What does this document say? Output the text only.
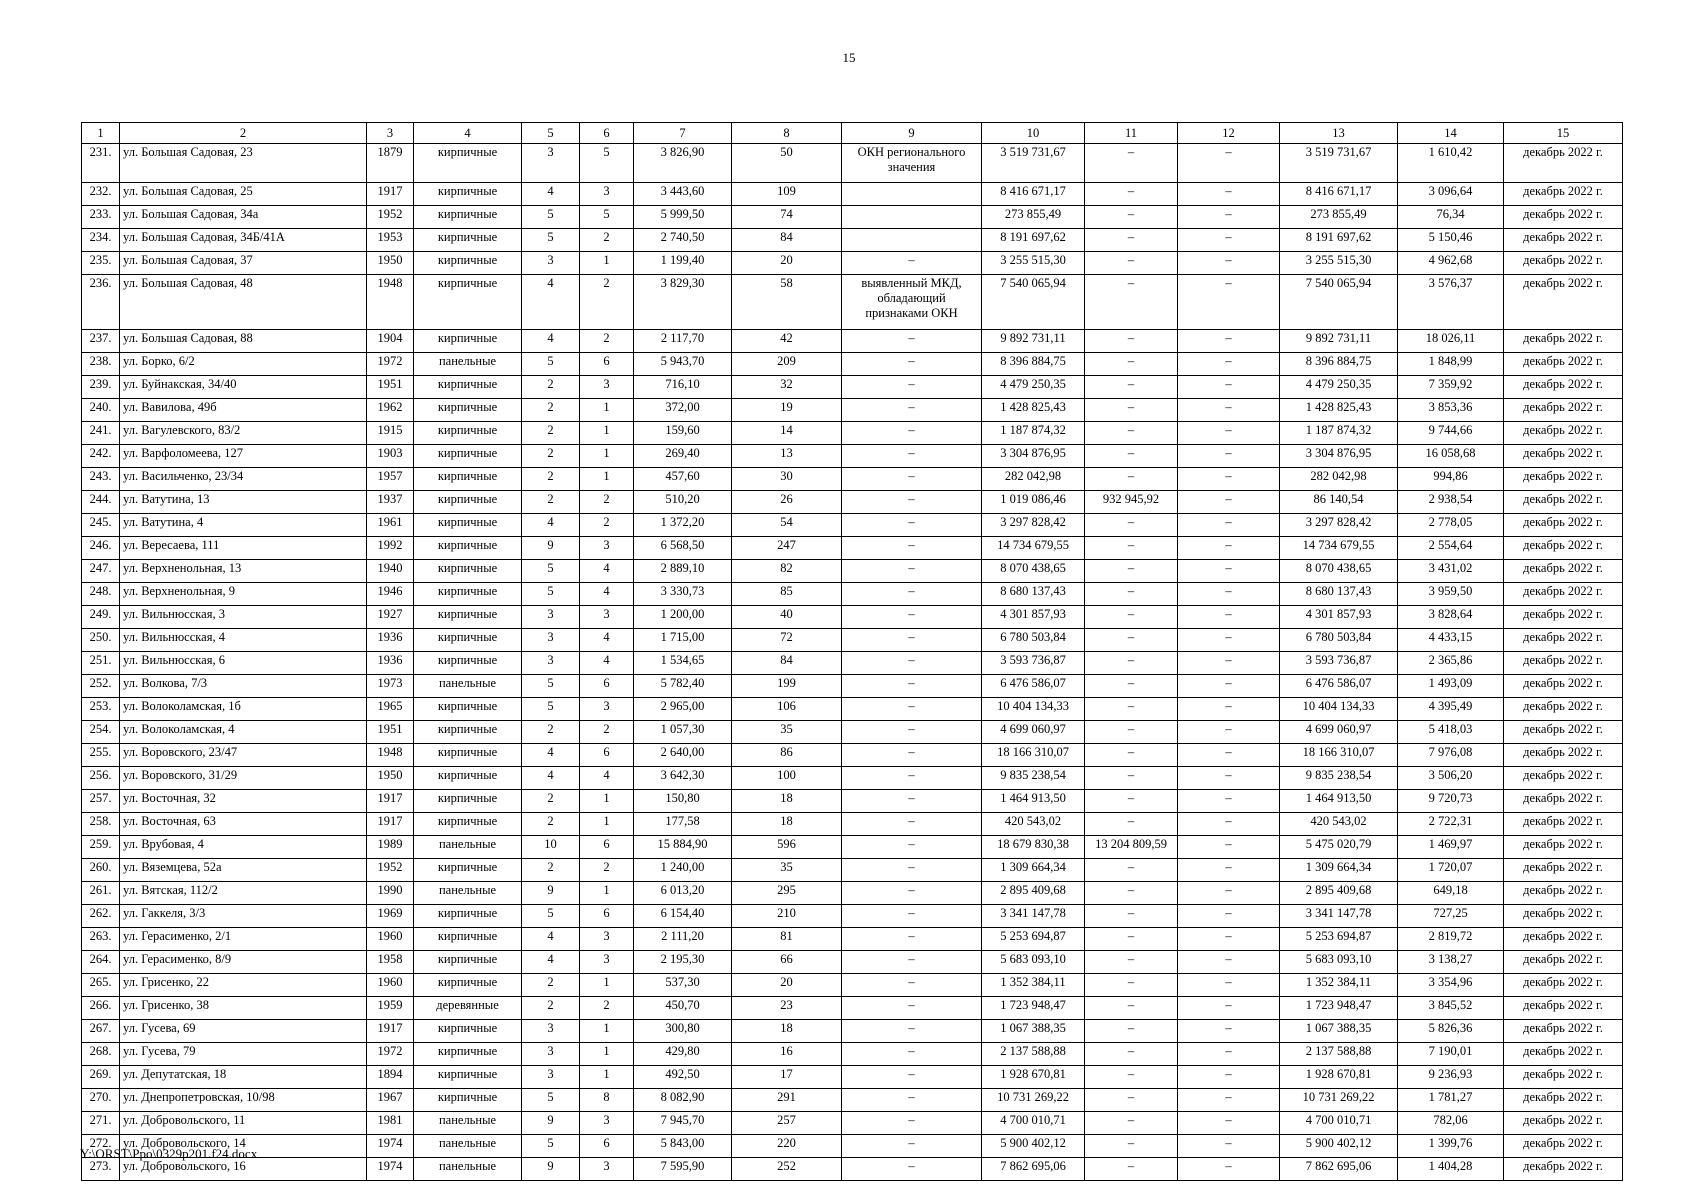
15
1	2	3	4	5	6	7	8	9	10	11	12	13	14	15
231.	ул. Большая Садовая, 23	1879	кирпичные	3	5	3 826,90	50	ОКН регионального значения	3 519 731,67	–	–	3 519 731,67	1 610,42	декабрь 2022 г.
232.	ул. Большая Садовая, 25	1917	кирпичные	4	3	3 443,60	109		8 416 671,17	–	–	8 416 671,17	3 096,64	декабрь 2022 г.
233.	ул. Большая Садовая, 34а	1952	кирпичные	5	5	5 999,50	74		273 855,49	–	–	273 855,49	76,34	декабрь 2022 г.
234.	ул. Большая Садовая, 34Б/41А	1953	кирпичные	5	2	2 740,50	84		8 191 697,62	–	–	8 191 697,62	5 150,46	декабрь 2022 г.
235.	ул. Большая Садовая, 37	1950	кирпичные	3	1	1 199,40	20	–	3 255 515,30	–	–	3 255 515,30	4 962,68	декабрь 2022 г.
236.	ул. Большая Садовая, 48	1948	кирпичные	4	2	3 829,30	58	выявленный МКД, обладающий признаками ОКН	7 540 065,94	–	–	7 540 065,94	3 576,37	декабрь 2022 г.
237.	ул. Большая Садовая, 88	1904	кирпичные	4	2	2 117,70	42	–	9 892 731,11	–	–	9 892 731,11	18 026,11	декабрь 2022 г.
238.	ул. Борко, 6/2	1972	панельные	5	6	5 943,70	209	–	8 396 884,75	–	–	8 396 884,75	1 848,99	декабрь 2022 г.
239.	ул. Буйнакская, 34/40	1951	кирпичные	2	3	716,10	32	–	4 479 250,35	–	–	4 479 250,35	7 359,92	декабрь 2022 г.
240.	ул. Вавилова, 49б	1962	кирпичные	2	1	372,00	19	–	1 428 825,43	–	–	1 428 825,43	3 853,36	декабрь 2022 г.
241.	ул. Вагулевского, 83/2	1915	кирпичные	2	1	159,60	14	–	1 187 874,32	–	–	1 187 874,32	9 744,66	декабрь 2022 г.
242.	ул. Варфоломеева, 127	1903	кирпичные	2	1	269,40	13	–	3 304 876,95	–	–	3 304 876,95	16 058,68	декабрь 2022 г.
243.	ул. Васильченко, 23/34	1957	кирпичные	2	1	457,60	30	–	282 042,98	–	–	282 042,98	994,86	декабрь 2022 г.
244.	ул. Ватутина, 13	1937	кирпичные	2	2	510,20	26	–	1 019 086,46	932 945,92	–	86 140,54	2 938,54	декабрь 2022 г.
245.	ул. Ватутина, 4	1961	кирпичные	4	2	1 372,20	54	–	3 297 828,42	–	–	3 297 828,42	2 778,05	декабрь 2022 г.
246.	ул. Вересаева, 111	1992	кирпичные	9	3	6 568,50	247	–	14 734 679,55	–	–	14 734 679,55	2 554,64	декабрь 2022 г.
247.	ул. Верхненольная, 13	1940	кирпичные	5	4	2 889,10	82	–	8 070 438,65	–	–	8 070 438,65	3 431,02	декабрь 2022 г.
248.	ул. Верхненольная, 9	1946	кирпичные	5	4	3 330,73	85	–	8 680 137,43	–	–	8 680 137,43	3 959,50	декабрь 2022 г.
249.	ул. Вильнюсская, 3	1927	кирпичные	3	3	1 200,00	40	–	4 301 857,93	–	–	4 301 857,93	3 828,64	декабрь 2022 г.
250.	ул. Вильнюсская, 4	1936	кирпичные	3	4	1 715,00	72	–	6 780 503,84	–	–	6 780 503,84	4 433,15	декабрь 2022 г.
251.	ул. Вильнюсская, 6	1936	кирпичные	3	4	1 534,65	84	–	3 593 736,87	–	–	3 593 736,87	2 365,86	декабрь 2022 г.
252.	ул. Волкова, 7/3	1973	панельные	5	6	5 782,40	199	–	6 476 586,07	–	–	6 476 586,07	1 493,09	декабрь 2022 г.
253.	ул. Волоколамская, 1б	1965	кирпичные	5	3	2 965,00	106	–	10 404 134,33	–	–	10 404 134,33	4 395,49	декабрь 2022 г.
254.	ул. Волоколамская, 4	1951	кирпичные	2	2	1 057,30	35	–	4 699 060,97	–	–	4 699 060,97	5 418,03	декабрь 2022 г.
255.	ул. Воровского, 23/47	1948	кирпичные	4	6	2 640,00	86	–	18 166 310,07	–	–	18 166 310,07	7 976,08	декабрь 2022 г.
256.	ул. Воровского, 31/29	1950	кирпичные	4	4	3 642,30	100	–	9 835 238,54	–	–	9 835 238,54	3 506,20	декабрь 2022 г.
257.	ул. Восточная, 32	1917	кирпичные	2	1	150,80	18	–	1 464 913,50	–	–	1 464 913,50	9 720,73	декабрь 2022 г.
258.	ул. Восточная, 63	1917	кирпичные	2	1	177,58	18	–	420 543,02	–	–	420 543,02	2 722,31	декабрь 2022 г.
259.	ул. Врубовая, 4	1989	панельные	10	6	15 884,90	596	–	18 679 830,38	13 204 809,59	–	5 475 020,79	1 469,97	декабрь 2022 г.
260.	ул. Вяземцева, 52а	1952	кирпичные	2	2	1 240,00	35	–	1 309 664,34	–	–	1 309 664,34	1 720,07	декабрь 2022 г.
261.	ул. Вятская, 112/2	1990	панельные	9	1	6 013,20	295	–	2 895 409,68	–	–	2 895 409,68	649,18	декабрь 2022 г.
262.	ул. Гаккеля, 3/3	1969	кирпичные	5	6	6 154,40	210	–	3 341 147,78	–	–	3 341 147,78	727,25	декабрь 2022 г.
263.	ул. Герасименко, 2/1	1960	кирпичные	4	3	2 111,20	81	–	5 253 694,87	–	–	5 253 694,87	2 819,72	декабрь 2022 г.
264.	ул. Герасименко, 8/9	1958	кирпичные	4	3	2 195,30	66	–	5 683 093,10	–	–	5 683 093,10	3 138,27	декабрь 2022 г.
265.	ул. Грисенко, 22	1960	кирпичные	2	1	537,30	20	–	1 352 384,11	–	–	1 352 384,11	3 354,96	декабрь 2022 г.
266.	ул. Грисенко, 38	1959	деревянные	2	2	450,70	23	–	1 723 948,47	–	–	1 723 948,47	3 845,52	декабрь 2022 г.
267.	ул. Гусева, 69	1917	кирпичные	3	1	300,80	18	–	1 067 388,35	–	–	1 067 388,35	5 826,36	декабрь 2022 г.
268.	ул. Гусева, 79	1972	кирпичные	3	1	429,80	16	–	2 137 588,88	–	–	2 137 588,88	7 190,01	декабрь 2022 г.
269.	ул. Депутатская, 18	1894	кирпичные	3	1	492,50	17	–	1 928 670,81	–	–	1 928 670,81	9 236,93	декабрь 2022 г.
270.	ул. Днепропетровская, 10/98	1967	кирпичные	5	8	8 082,90	291	–	10 731 269,22	–	–	10 731 269,22	1 781,27	декабрь 2022 г.
271.	ул. Добровольского, 11	1981	панельные	9	3	7 945,70	257	–	4 700 010,71	–	–	4 700 010,71	782,06	декабрь 2022 г.
272.	ул. Добровольского, 14	1974	панельные	5	6	5 843,00	220	–	5 900 402,12	–	–	5 900 402,12	1 399,76	декабрь 2022 г.
273.	ул. Добровольского, 16	1974	панельные	9	3	7 595,90	252	–	7 862 695,06	–	–	7 862 695,06	1 404,28	декабрь 2022 г.
Y:\ORST\Ppo\0329p201.f24.docx
